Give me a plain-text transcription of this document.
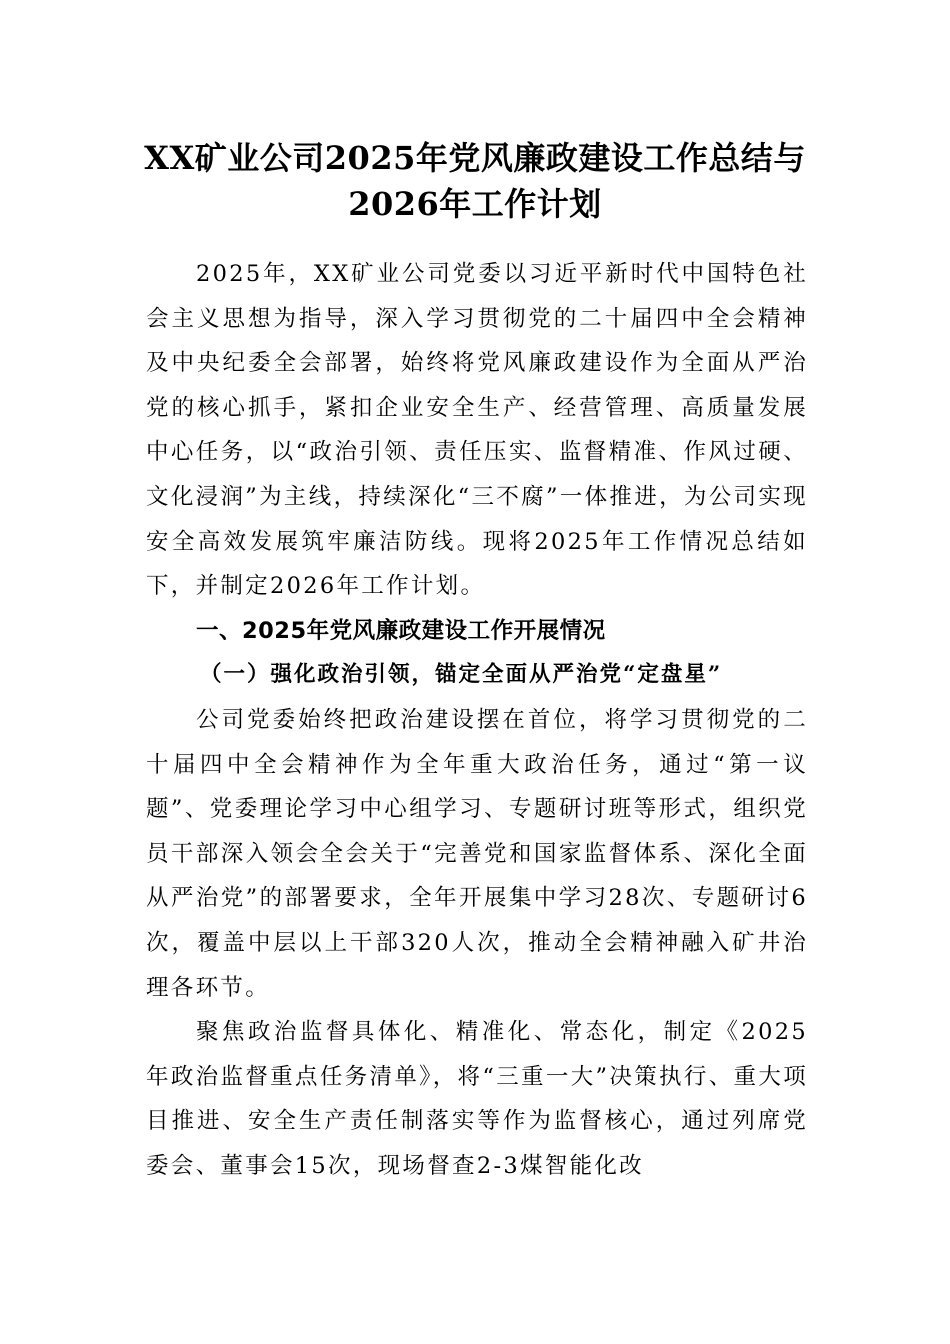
XX矿业公司2025年党风廉政建设工作总结与2026年工作计划

2025年，XX矿业公司党委以习近平新时代中国特色社会主义思想为指导，深入学习贯彻党的二十届四中全会精神及中央纪委全会部署，始终将党风廉政建设作为全面从严治党的核心抓手，紧扣企业安全生产、经营管理、高质量发展中心任务，以“政治引领、责任压实、监督精准、作风过硬、文化浸润”为主线，持续深化“三不腐”一体推进，为公司实现安全高效发展筑牢廉洁防线。现将2025年工作情况总结如下，并制定2026年工作计划。

一、2025年党风廉政建设工作开展情况
（一）强化政治引领，锚定全面从严治党“定盘星”

公司党委始终把政治建设摆在首位，将学习贯彻党的二十届四中全会精神作为全年重大政治任务，通过“第一议题”、党委理论学习中心组学习、专题研讨班等形式，组织党员干部深入领会全会关于“完善党和国家监督体系、深化全面从严治党”的部署要求，全年开展集中学习28次、专题研讨6次，覆盖中层以上干部320人次，推动全会精神融入矿井治理各环节。

聚焦政治监督具体化、精准化、常态化，制定《2025年政治监督重点任务清单》，将“三重一大”决策执行、重大项目推进、安全生产责任制落实等作为监督核心，通过列席党委会、董事会15次，现场督查2-3煤智能化改
